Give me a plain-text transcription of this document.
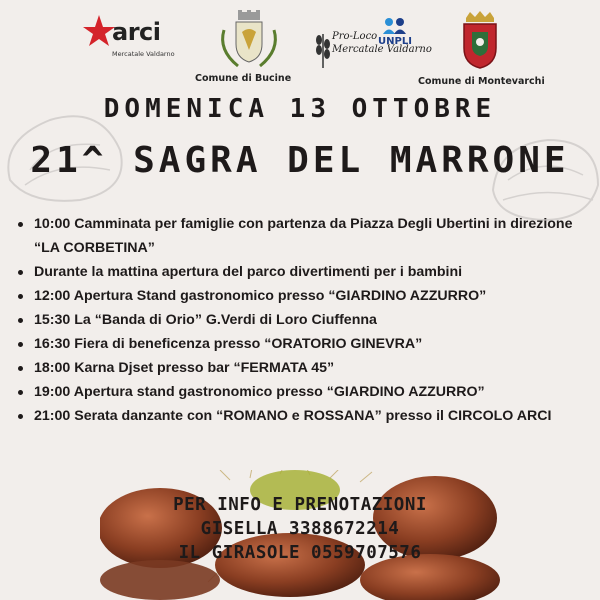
arci
Mercatale Valdarno
Comune di Bucine
Pro-Loco
Mercatale Valdarno
UNPLI
Comune di Montevarchi
DOMENICA 13 OTTOBRE
21^ SAGRA DEL MARRONE
10:00 Camminata per famiglie con partenza da Piazza Degli Ubertini in direzione “LA CORBETINA”
Durante la mattina apertura del parco divertimenti per i bambini
12:00 Apertura Stand gastronomico presso “GIARDINO AZZURRO”
15:30 La “Banda di Orio” G.Verdi di Loro Ciuffenna
16:30 Fiera di beneficenza presso “ORATORIO GINEVRA”
18:00 Karna Djset presso bar “FERMATA 45”
19:00 Apertura stand gastronomico presso “GIARDINO AZZURRO”
21:00 Serata danzante con “ROMANO e ROSSANA” presso il CIRCOLO ARCI
PER INFO E PRENOTAZIONI
GISELLA 3388672214
IL GIRASOLE 0559707576
